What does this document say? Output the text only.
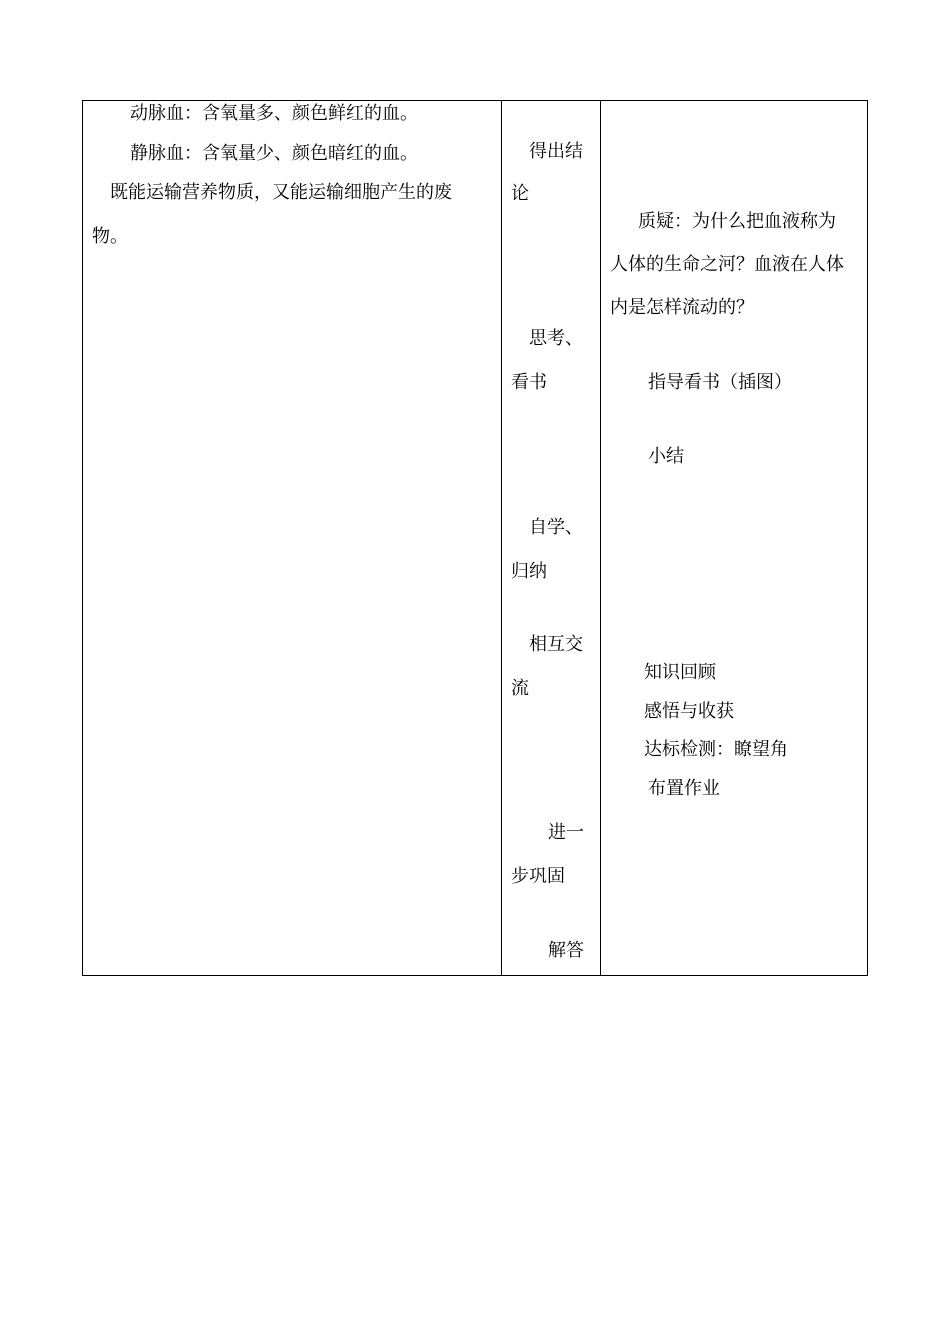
动脉血：含氧量多、颜色鲜红的血。
静脉血：含氧量少、颜色暗红的血。
既能运输营养物质，又能运输细胞产生的废
物。
得出结
论
思考、
看书
自学、
归纳
相互交
流
进一
步巩固
解答
质疑：为什么把血液称为
人体的生命之河？血液在人体
内是怎样流动的？
指导看书（插图）
小结
知识回顾
感悟与收获
达标检测：瞭望角
布置作业
